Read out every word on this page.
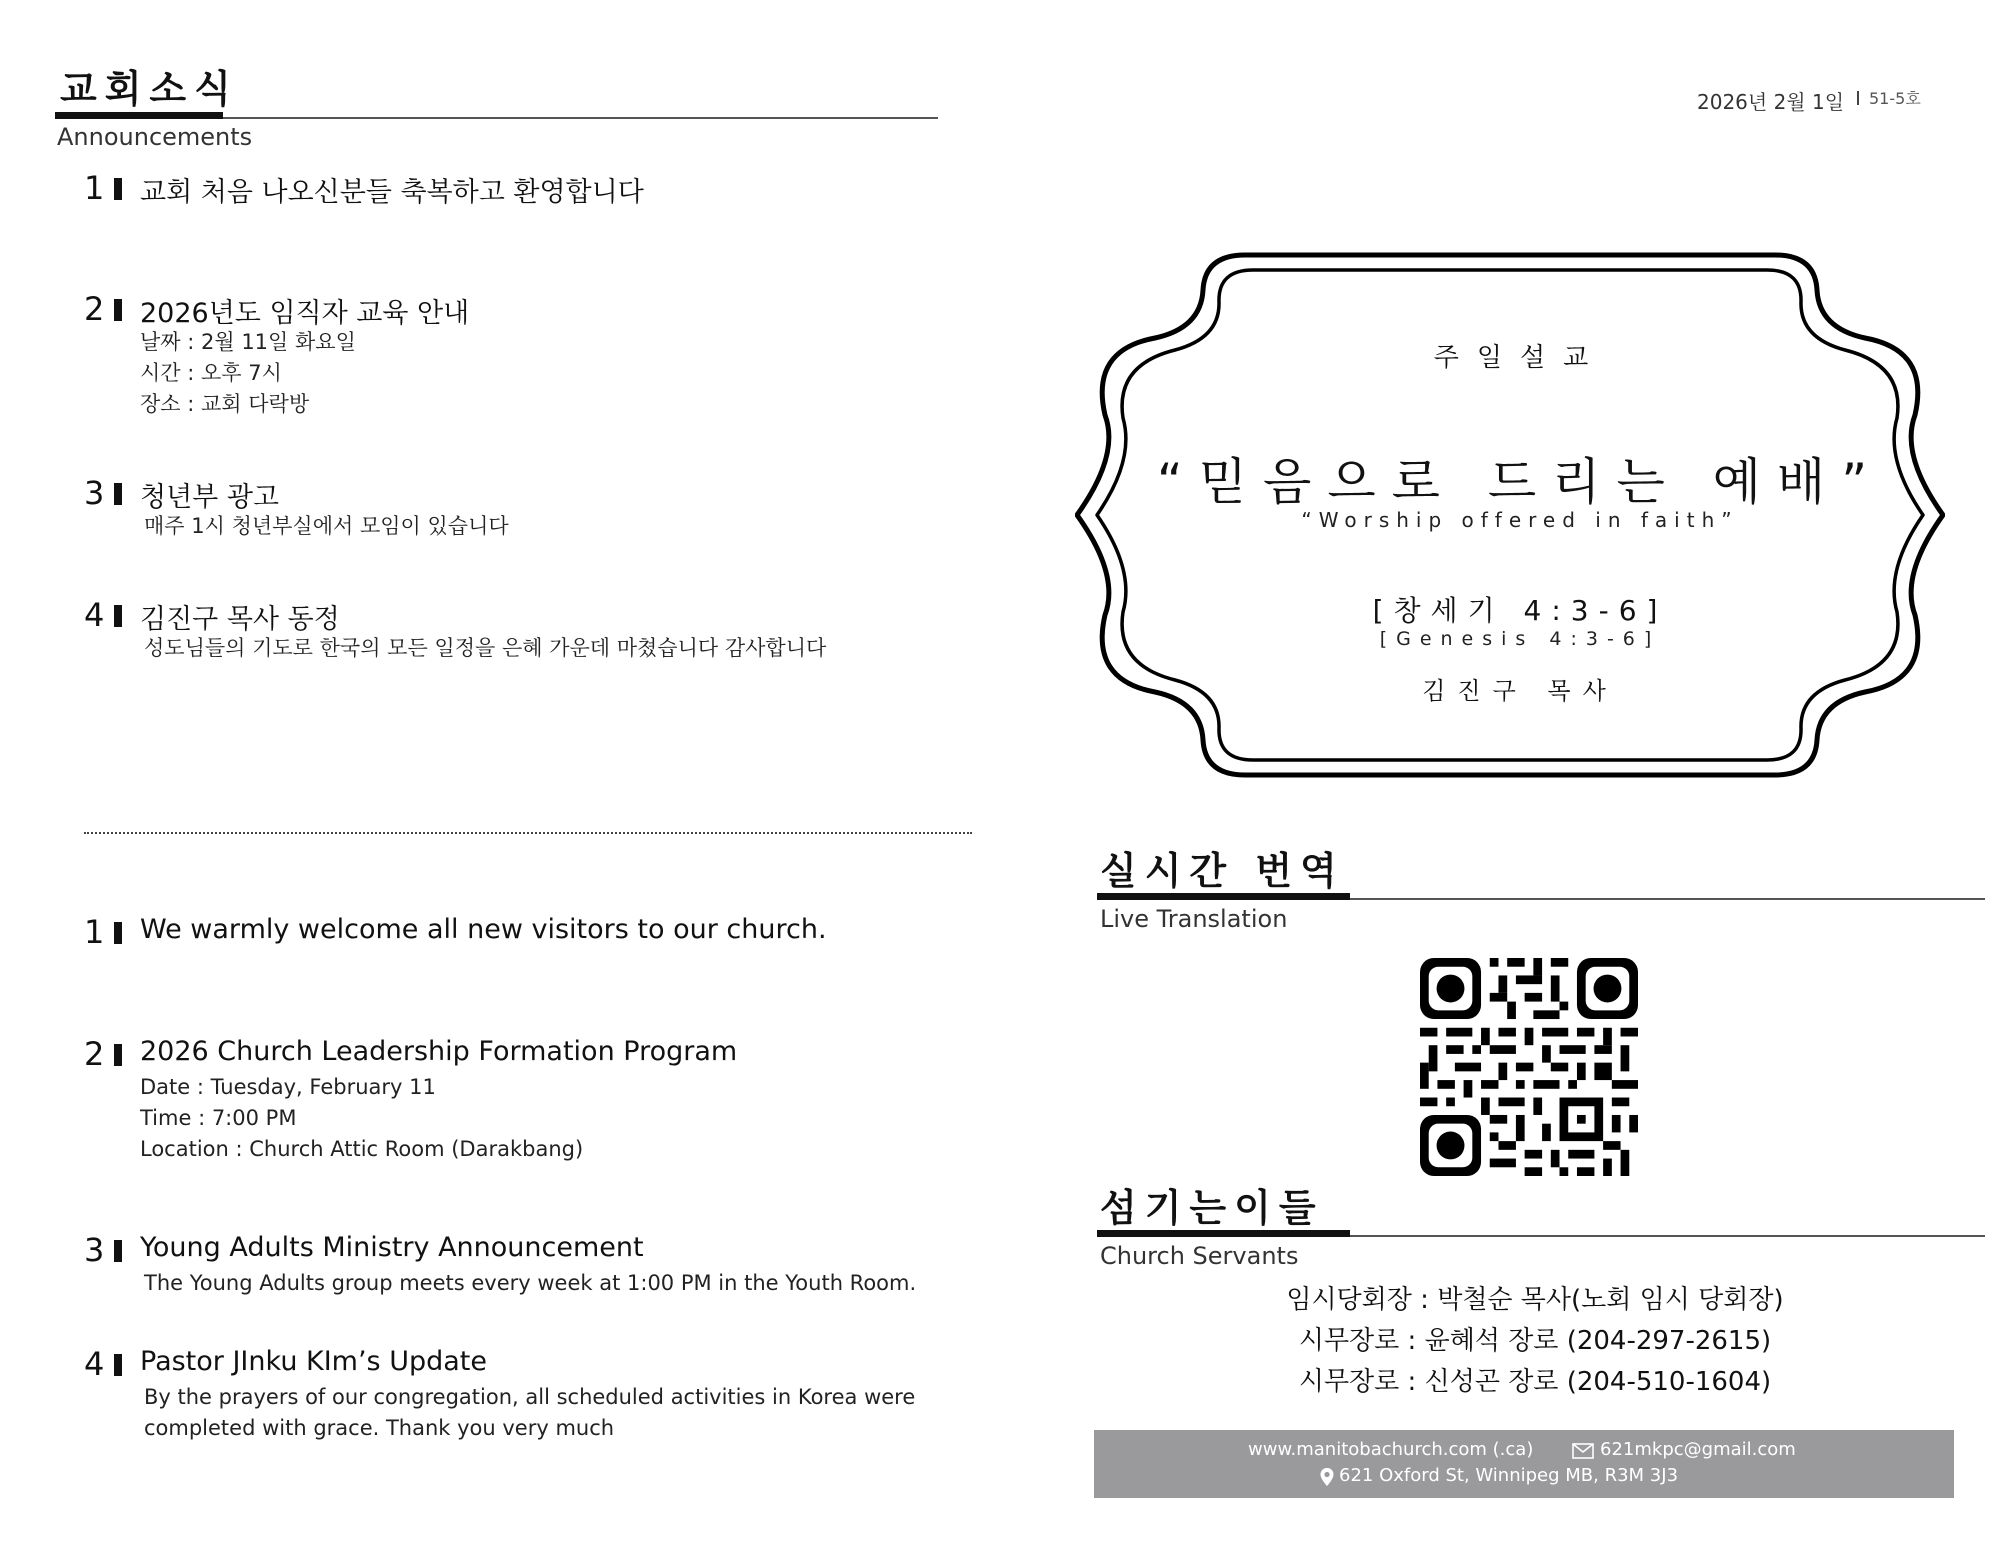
교회소식
Announcements
1 교회 처음 나오신분들 축복하고 환영합니다
2 2026년도 임직자 교육 안내
날짜 : 2월 11일 화요일
시간 : 오후 7시
장소 : 교회 다락방
3 청년부 광고
매주 1시 청년부실에서 모임이 있습니다
4 김진구 목사 동정
성도님들의 기도로 한국의 모든 일정을 은혜 가운데 마쳤습니다 감사합니다
1 We warmly welcome all new visitors to our church.
2 2026 Church Leadership Formation Program
Date : Tuesday, February 11
Time : 7:00 PM
Location : Church Attic Room (Darakbang)
3 Young Adults Ministry Announcement
The Young Adults group meets every week at 1:00 PM in the Youth Room.
4 Pastor JInku KIm’s Update
By the prayers of our congregation, all scheduled activities in Korea were
completed with grace. Thank you very much
2026년 2월 1일 51-5호
주일설교
“믿음으로 드리는 예배”
“Worship offered in faith”
[창세기 4:3-6]
[Genesis 4:3-6]
김진구 목사
실시간 번역
Live Translation
섬기는이들
Church Servants
임시당회장 : 박철순 목사(노회 임시 당회장)
시무장로 : 윤혜석 장로 (204-297-2615)
시무장로 : 신성곤 장로 (204-510-1604)
www.manitobachurch.com (.ca)	621mkpc@gmail.com
621 Oxford St, Winnipeg MB, R3M 3J3
